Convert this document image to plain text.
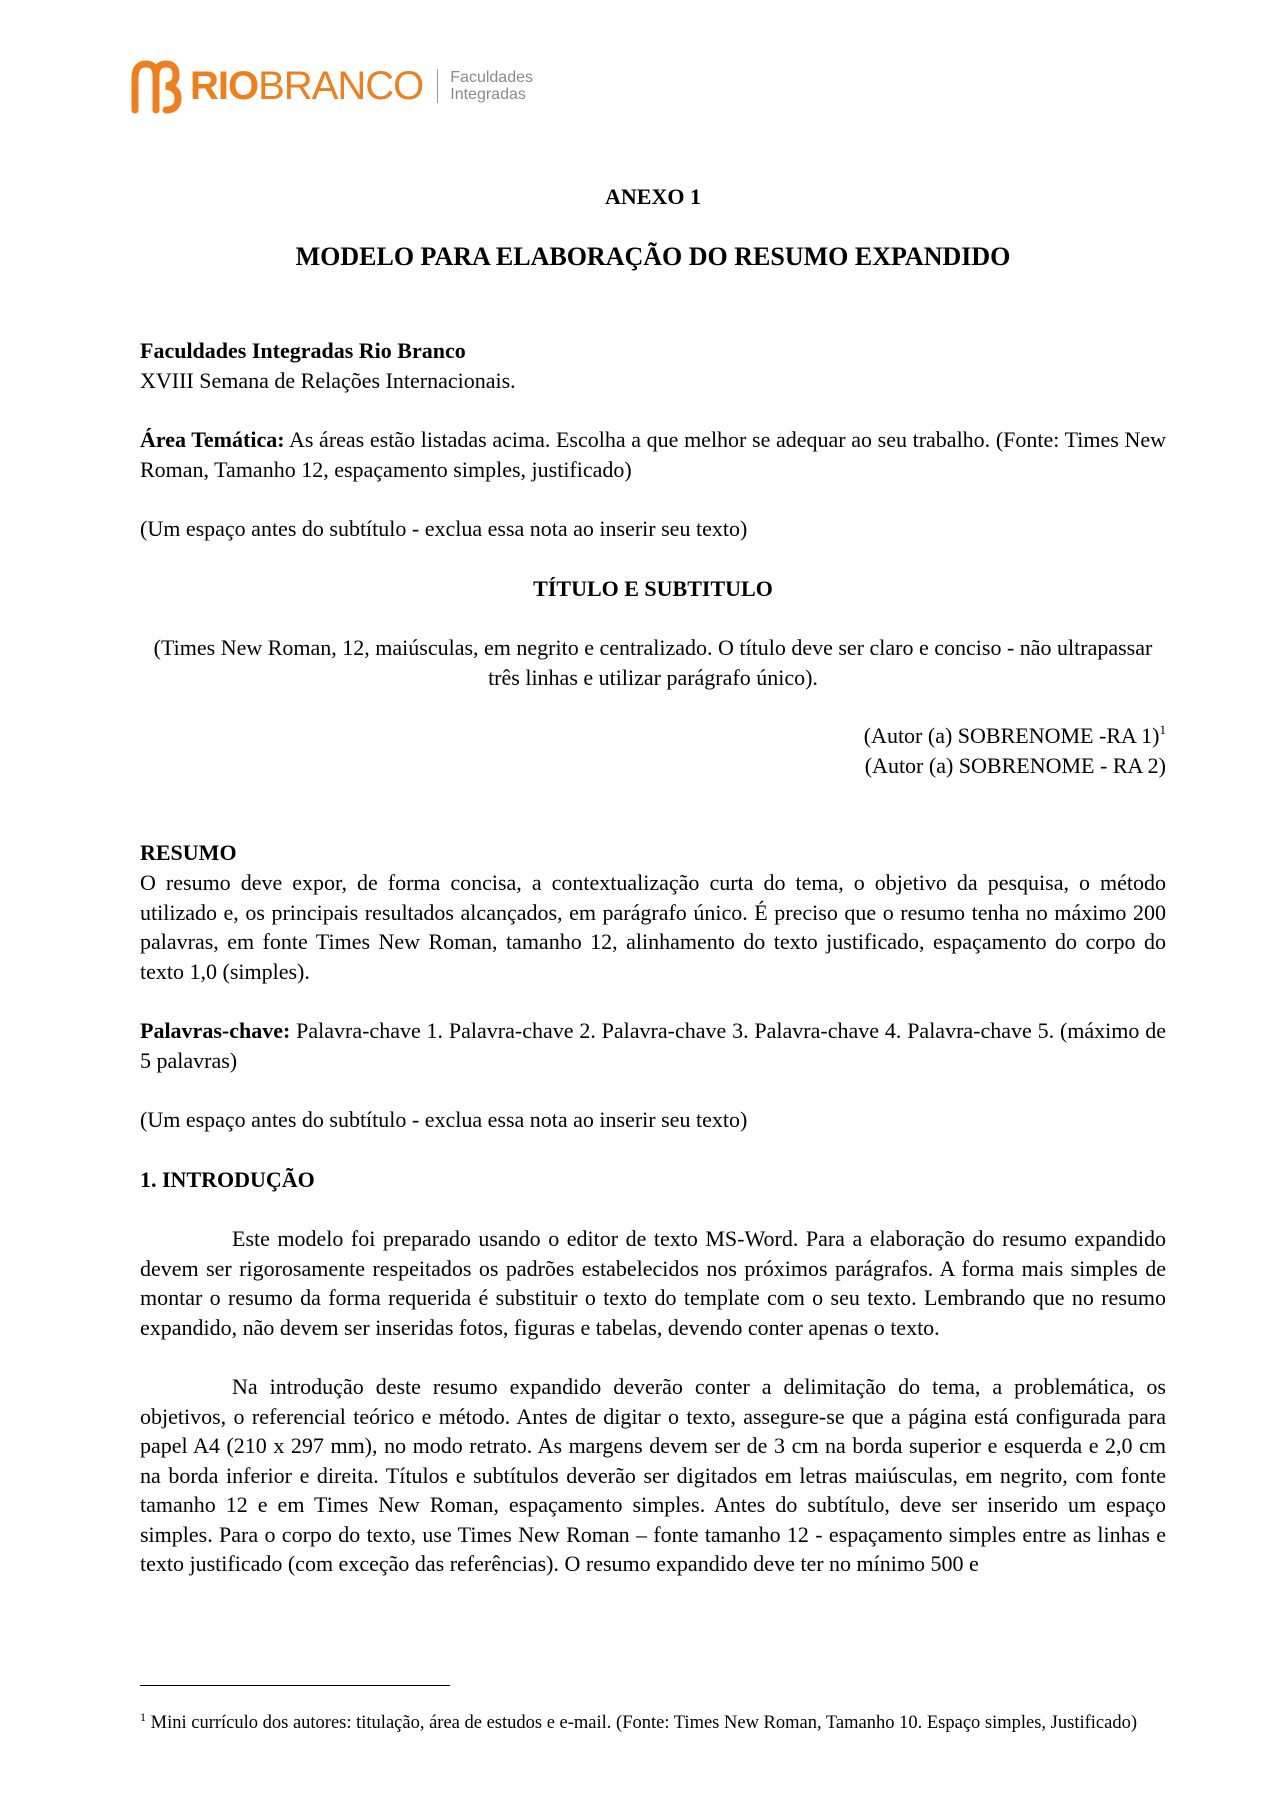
RIOBRANCO Faculdades
Integradas

ANEXO 1

MODELO PARA ELABORAÇÃO DO RESUMO EXPANDIDO

Faculdades Integradas Rio Branco

XVIII Semana de Relações Internacionais.

Área Temática: As áreas estão listadas acima. Escolha a que melhor se adequar ao seu trabalho. (Fonte: Times New Roman, Tamanho 12, espaçamento simples, justificado)

(Um espaço antes do subtítulo - exclua essa nota ao inserir seu texto)

TÍTULO E SUBTITULO

(Times New Roman, 12, maiúsculas, em negrito e centralizado. O título deve ser claro e conciso - não ultrapassar três linhas e utilizar parágrafo único).

(Autor (a) SOBRENOME -RA 1)$^1$

(Autor (a) SOBRENOME - RA 2)

RESUMO

O resumo deve expor, de forma concisa, a contextualização curta do tema, o objetivo da pesquisa, o método utilizado e, os principais resultados alcançados, em parágrafo único. É preciso que o resumo tenha no máximo 200 palavras, em fonte Times New Roman, tamanho 12, alinhamento do texto justificado, espaçamento do corpo do texto 1,0 (simples).

Palavras-chave: Palavra-chave 1. Palavra-chave 2. Palavra-chave 3. Palavra-chave 4. Palavra-chave 5. (máximo de 5 palavras)

(Um espaço antes do subtítulo - exclua essa nota ao inserir seu texto)

1. INTRODUÇÃO

Este modelo foi preparado usando o editor de texto MS-Word. Para a elaboração do resumo expandido devem ser rigorosamente respeitados os padrões estabelecidos nos próximos parágrafos. A forma mais simples de montar o resumo da forma requerida é substituir o texto do template com o seu texto. Lembrando que no resumo expandido, não devem ser inseridas fotos, figuras e tabelas, devendo conter apenas o texto.

Na introdução deste resumo expandido deverão conter a delimitação do tema, a problemática, os objetivos, o referencial teórico e método. Antes de digitar o texto, assegure-se que a página está configurada para papel A4 (210 x 297 mm), no modo retrato. As margens devem ser de 3 cm na borda superior e esquerda e 2,0 cm na borda inferior e direita. Títulos e subtítulos deverão ser digitados em letras maiúsculas, em negrito, com fonte tamanho 12 e em Times New Roman, espaçamento simples. Antes do subtítulo, deve ser inserido um espaço simples. Para o corpo do texto, use Times New Roman – fonte tamanho 12 - espaçamento simples entre as linhas e texto justificado (com exceção das referências). O resumo expandido deve ter no mínimo 500 e

$^1$ Mini currículo dos autores: titulação, área de estudos e e-mail. (Fonte: Times New Roman, Tamanho 10. Espaço simples, Justificado)
